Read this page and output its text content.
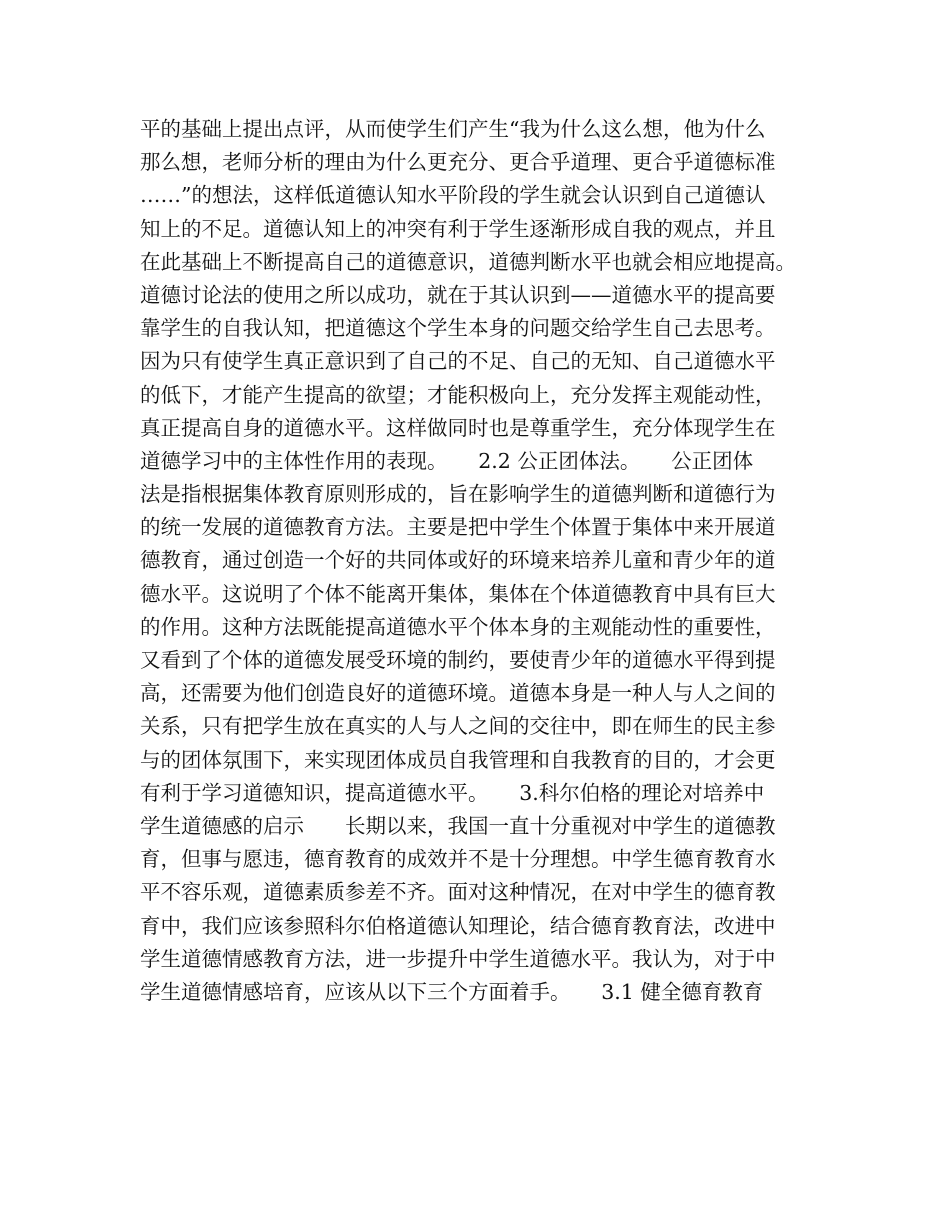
平的基础上提出点评，从而使学生们产生“我为什么这么想，他为什么
那么想，老师分析的理由为什么更充分、更合乎道理、更合乎道德标准
……”的想法，这样低道德认知水平阶段的学生就会认识到自己道德认
知上的不足。道德认知上的冲突有利于学生逐渐形成自我的观点，并且
在此基础上不断提高自己的道德意识，道德判断水平也就会相应地提高。
道德讨论法的使用之所以成功，就在于其认识到——道德水平的提高要
靠学生的自我认知，把道德这个学生本身的问题交给学生自己去思考。
因为只有使学生真正意识到了自己的不足、自己的无知、自己道德水平
的低下，才能产生提高的欲望；才能积极向上，充分发挥主观能动性，
真正提高自身的道德水平。这样做同时也是尊重学生，充分体现学生在
道德学习中的主体性作用的表现。　　2.2 公正团体法。　　公正团体
法是指根据集体教育原则形成的，旨在影响学生的道德判断和道德行为
的统一发展的道德教育方法。主要是把中学生个体置于集体中来开展道
德教育，通过创造一个好的共同体或好的环境来培养儿童和青少年的道
德水平。这说明了个体不能离开集体，集体在个体道德教育中具有巨大
的作用。这种方法既能提高道德水平个体本身的主观能动性的重要性，
又看到了个体的道德发展受环境的制约，要使青少年的道德水平得到提
高，还需要为他们创造良好的道德环境。道德本身是一种人与人之间的
关系，只有把学生放在真实的人与人之间的交往中，即在师生的民主参
与的团体氛围下，来实现团体成员自我管理和自我教育的目的，才会更
有利于学习道德知识，提高道德水平。　　3.科尔伯格的理论对培养中
学生道德感的启示　　长期以来，我国一直十分重视对中学生的道德教
育，但事与愿违，德育教育的成效并不是十分理想。中学生德育教育水
平不容乐观，道德素质参差不齐。面对这种情况，在对中学生的德育教
育中，我们应该参照科尔伯格道德认知理论，结合德育教育法，改进中
学生道德情感教育方法，进一步提升中学生道德水平。我认为，对于中
学生道德情感培育，应该从以下三个方面着手。　　3.1 健全德育教育
